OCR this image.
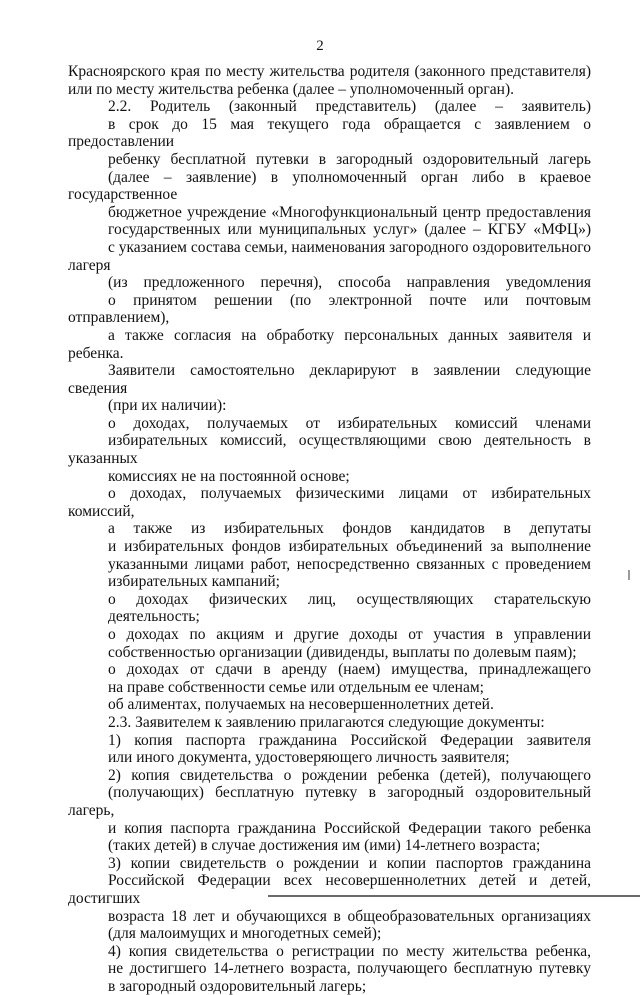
2

Красноярского края по месту жительства родителя (законного представителя)
или по месту жительства ребенка (далее – уполномоченный орган).

2.2. Родитель (законный представитель) (далее – заявитель)
в срок до 15 мая текущего года обращается с заявлением о предоставлении
ребенку бесплатной путевки в загородный оздоровительный лагерь
(далее – заявление) в уполномоченный орган либо в краевое государственное
бюджетное учреждение «Многофункциональный центр предоставления
государственных или муниципальных услуг» (далее – КГБУ «МФЦ»)
с указанием состава семьи, наименования загородного оздоровительного лагеря
(из предложенного перечня), способа направления уведомления
о принятом решении (по электронной почте или почтовым отправлением),
а также согласия на обработку персональных данных заявителя и ребенка.

Заявители самостоятельно декларируют в заявлении следующие сведения
(при их наличии):

о доходах, получаемых от избирательных комиссий членами
избирательных комиссий, осуществляющими свою деятельность в указанных
комиссиях не на постоянной основе;

о доходах, получаемых физическими лицами от избирательных комиссий,
а также из избирательных фондов кандидатов в депутаты
и избирательных фондов избирательных объединений за выполнение
указанными лицами работ, непосредственно связанных с проведением
избирательных кампаний;

о доходах физических лиц, осуществляющих старательскую
деятельность;

о доходах по акциям и другие доходы от участия в управлении
собственностью организации (дивиденды, выплаты по долевым паям);

о доходах от сдачи в аренду (наем) имущества, принадлежащего
на праве собственности семье или отдельным ее членам;

об алиментах, получаемых на несовершеннолетних детей.

2.3. Заявителем к заявлению прилагаются следующие документы:

1) копия паспорта гражданина Российской Федерации заявителя
или иного документа, удостоверяющего личность заявителя;

2) копия свидетельства о рождении ребенка (детей), получающего
(получающих) бесплатную путевку в загородный оздоровительный лагерь,
и копия паспорта гражданина Российской Федерации такого ребенка
(таких детей) в случае достижения им (ими) 14-летнего возраста;

3) копии свидетельств о рождении и копии паспортов гражданина
Российской Федерации всех несовершеннолетних детей и детей, достигших
возраста 18 лет и обучающихся в общеобразовательных организациях
(для малоимущих и многодетных семей);

4) копия свидетельства о регистрации по месту жительства ребенка,
не достигшего 14-летнего возраста, получающего бесплатную путевку
в загородный оздоровительный лагерь;
